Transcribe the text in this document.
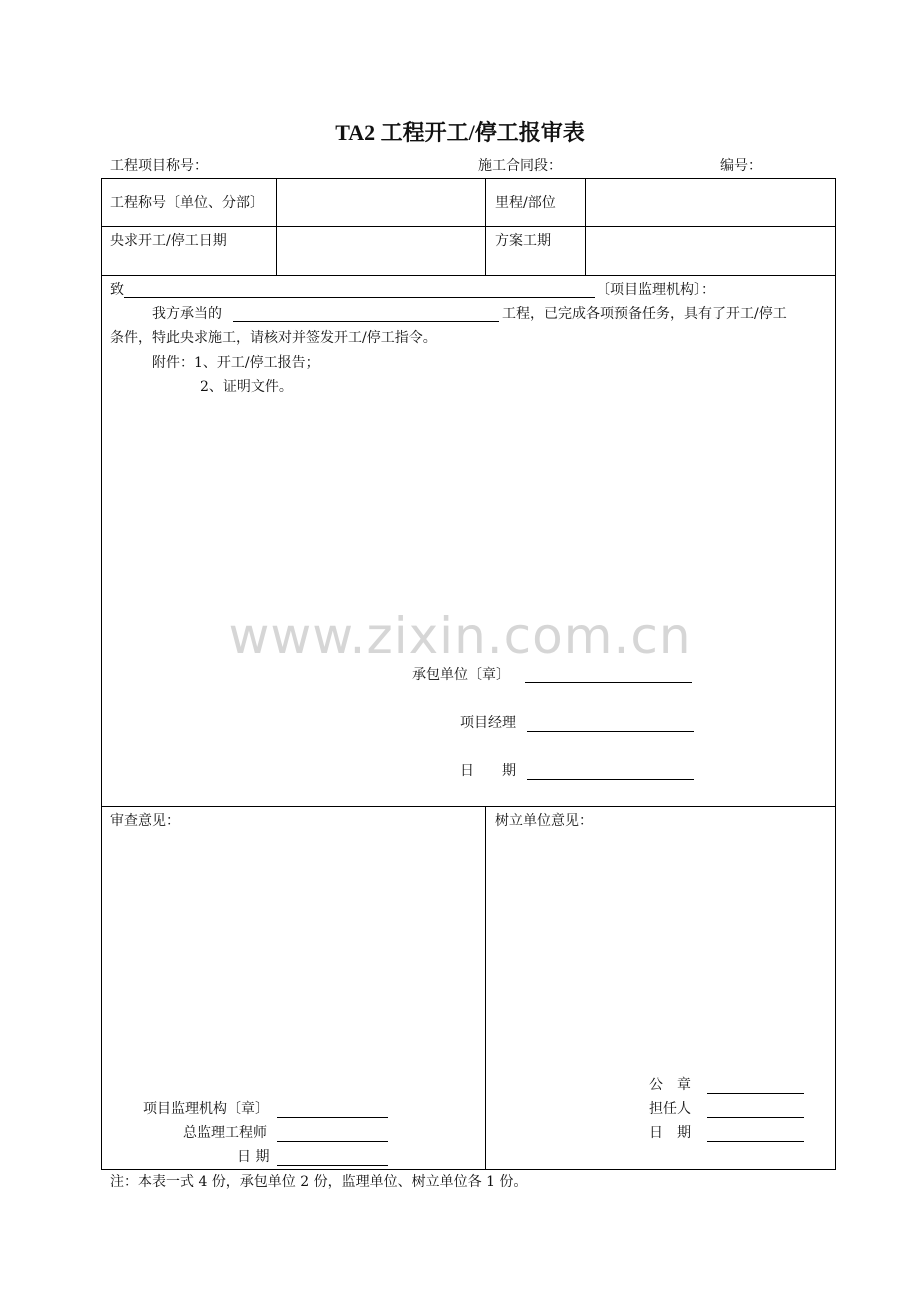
TA2 工程开工/停工报审表
工程项目称号：	施工合同段：	编号：
工程称号〔单位、分部〕	里程/部位
央求开工/停工日期	方案工期
致	〔项目监理机构〕：
我方承当的	工程，已完成各项预备任务，具有了开工/停工
条件，特此央求施工，请核对并签发开工/停工指令。
附件：1、开工/停工报告；
2、证明文件。
www.zixin.com.cn
承包单位〔章〕
项目经理
日　　期
审查意见：	树立单位意见：
项目监理机构〔章〕
总监理工程师
日 期
公　章
担任人
日　期
注：本表一式 4 份，承包单位 2 份，监理单位、树立单位各 1 份。
